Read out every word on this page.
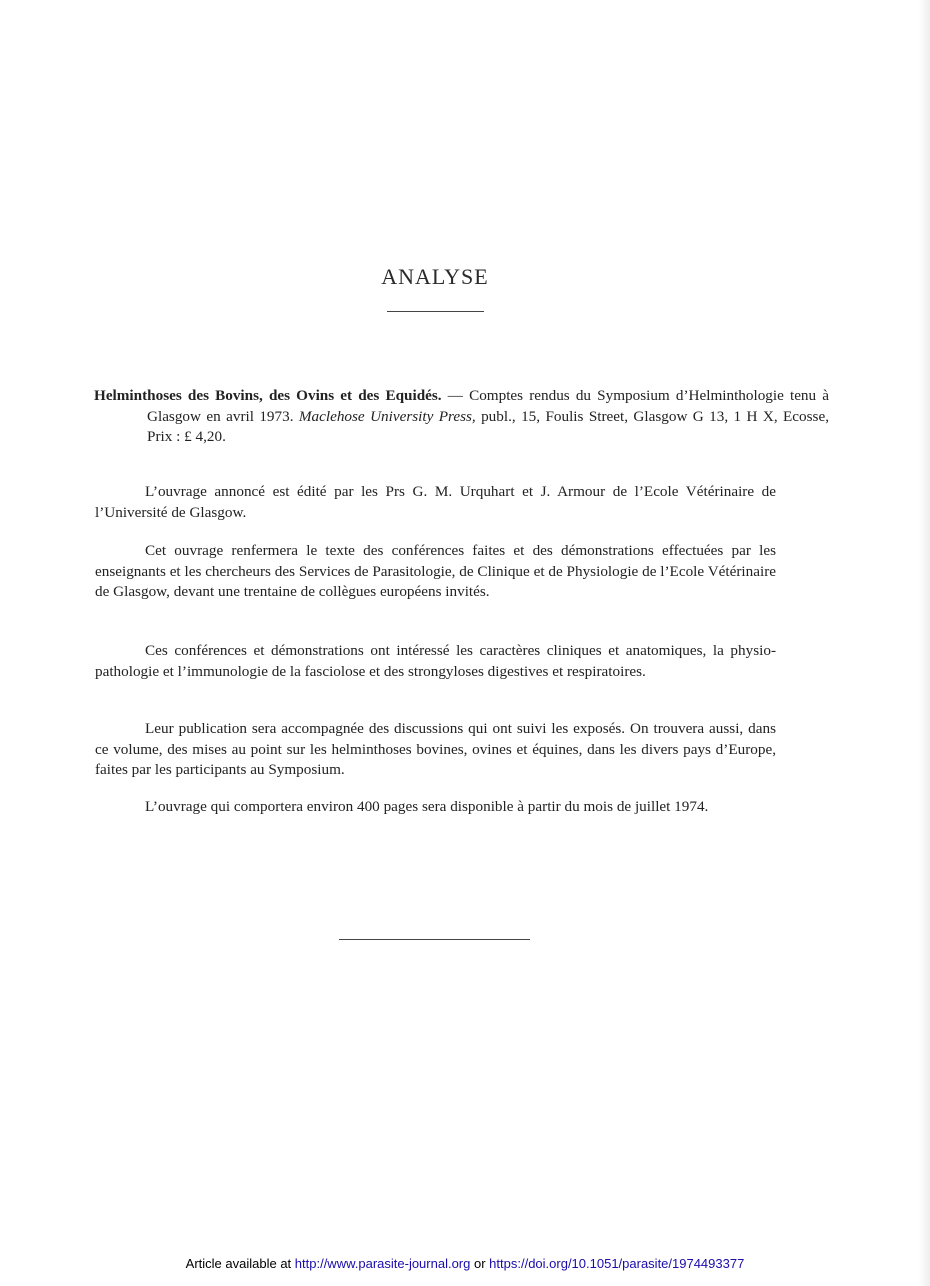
ANALYSE
Helminthoses des Bovins, des Ovins et des Equidés. — Comptes rendus du Symposium d’Helminthologie tenu à Glasgow en avril 1973. Maclehose University Press, publ., 15, Foulis Street, Glasgow G 13, 1 H X, Ecosse, Prix : £ 4,20.
L’ouvrage annoncé est édité par les Prs G. M. Urquhart et J. Armour de l’Ecole Vétérinaire de l’Université de Glasgow.
Cet ouvrage renfermera le texte des conférences faites et des démonstrations effectuées par les enseignants et les chercheurs des Services de Parasitologie, de Clinique et de Physiologie de l’Ecole Vétérinaire de Glasgow, devant une trentaine de collègues européens invités.
Ces conférences et démonstrations ont intéressé les caractères cliniques et anatomiques, la physio-pathologie et l’immunologie de la fasciolose et des strongyloses digestives et respiratoires.
Leur publication sera accompagnée des discussions qui ont suivi les exposés. On trouvera aussi, dans ce volume, des mises au point sur les helminthoses bovines, ovines et équines, dans les divers pays d’Europe, faites par les participants au Symposium.
L’ouvrage qui comportera environ 400 pages sera disponible à partir du mois de juillet 1974.
Article available at http://www.parasite-journal.org or https://doi.org/10.1051/parasite/1974493377
